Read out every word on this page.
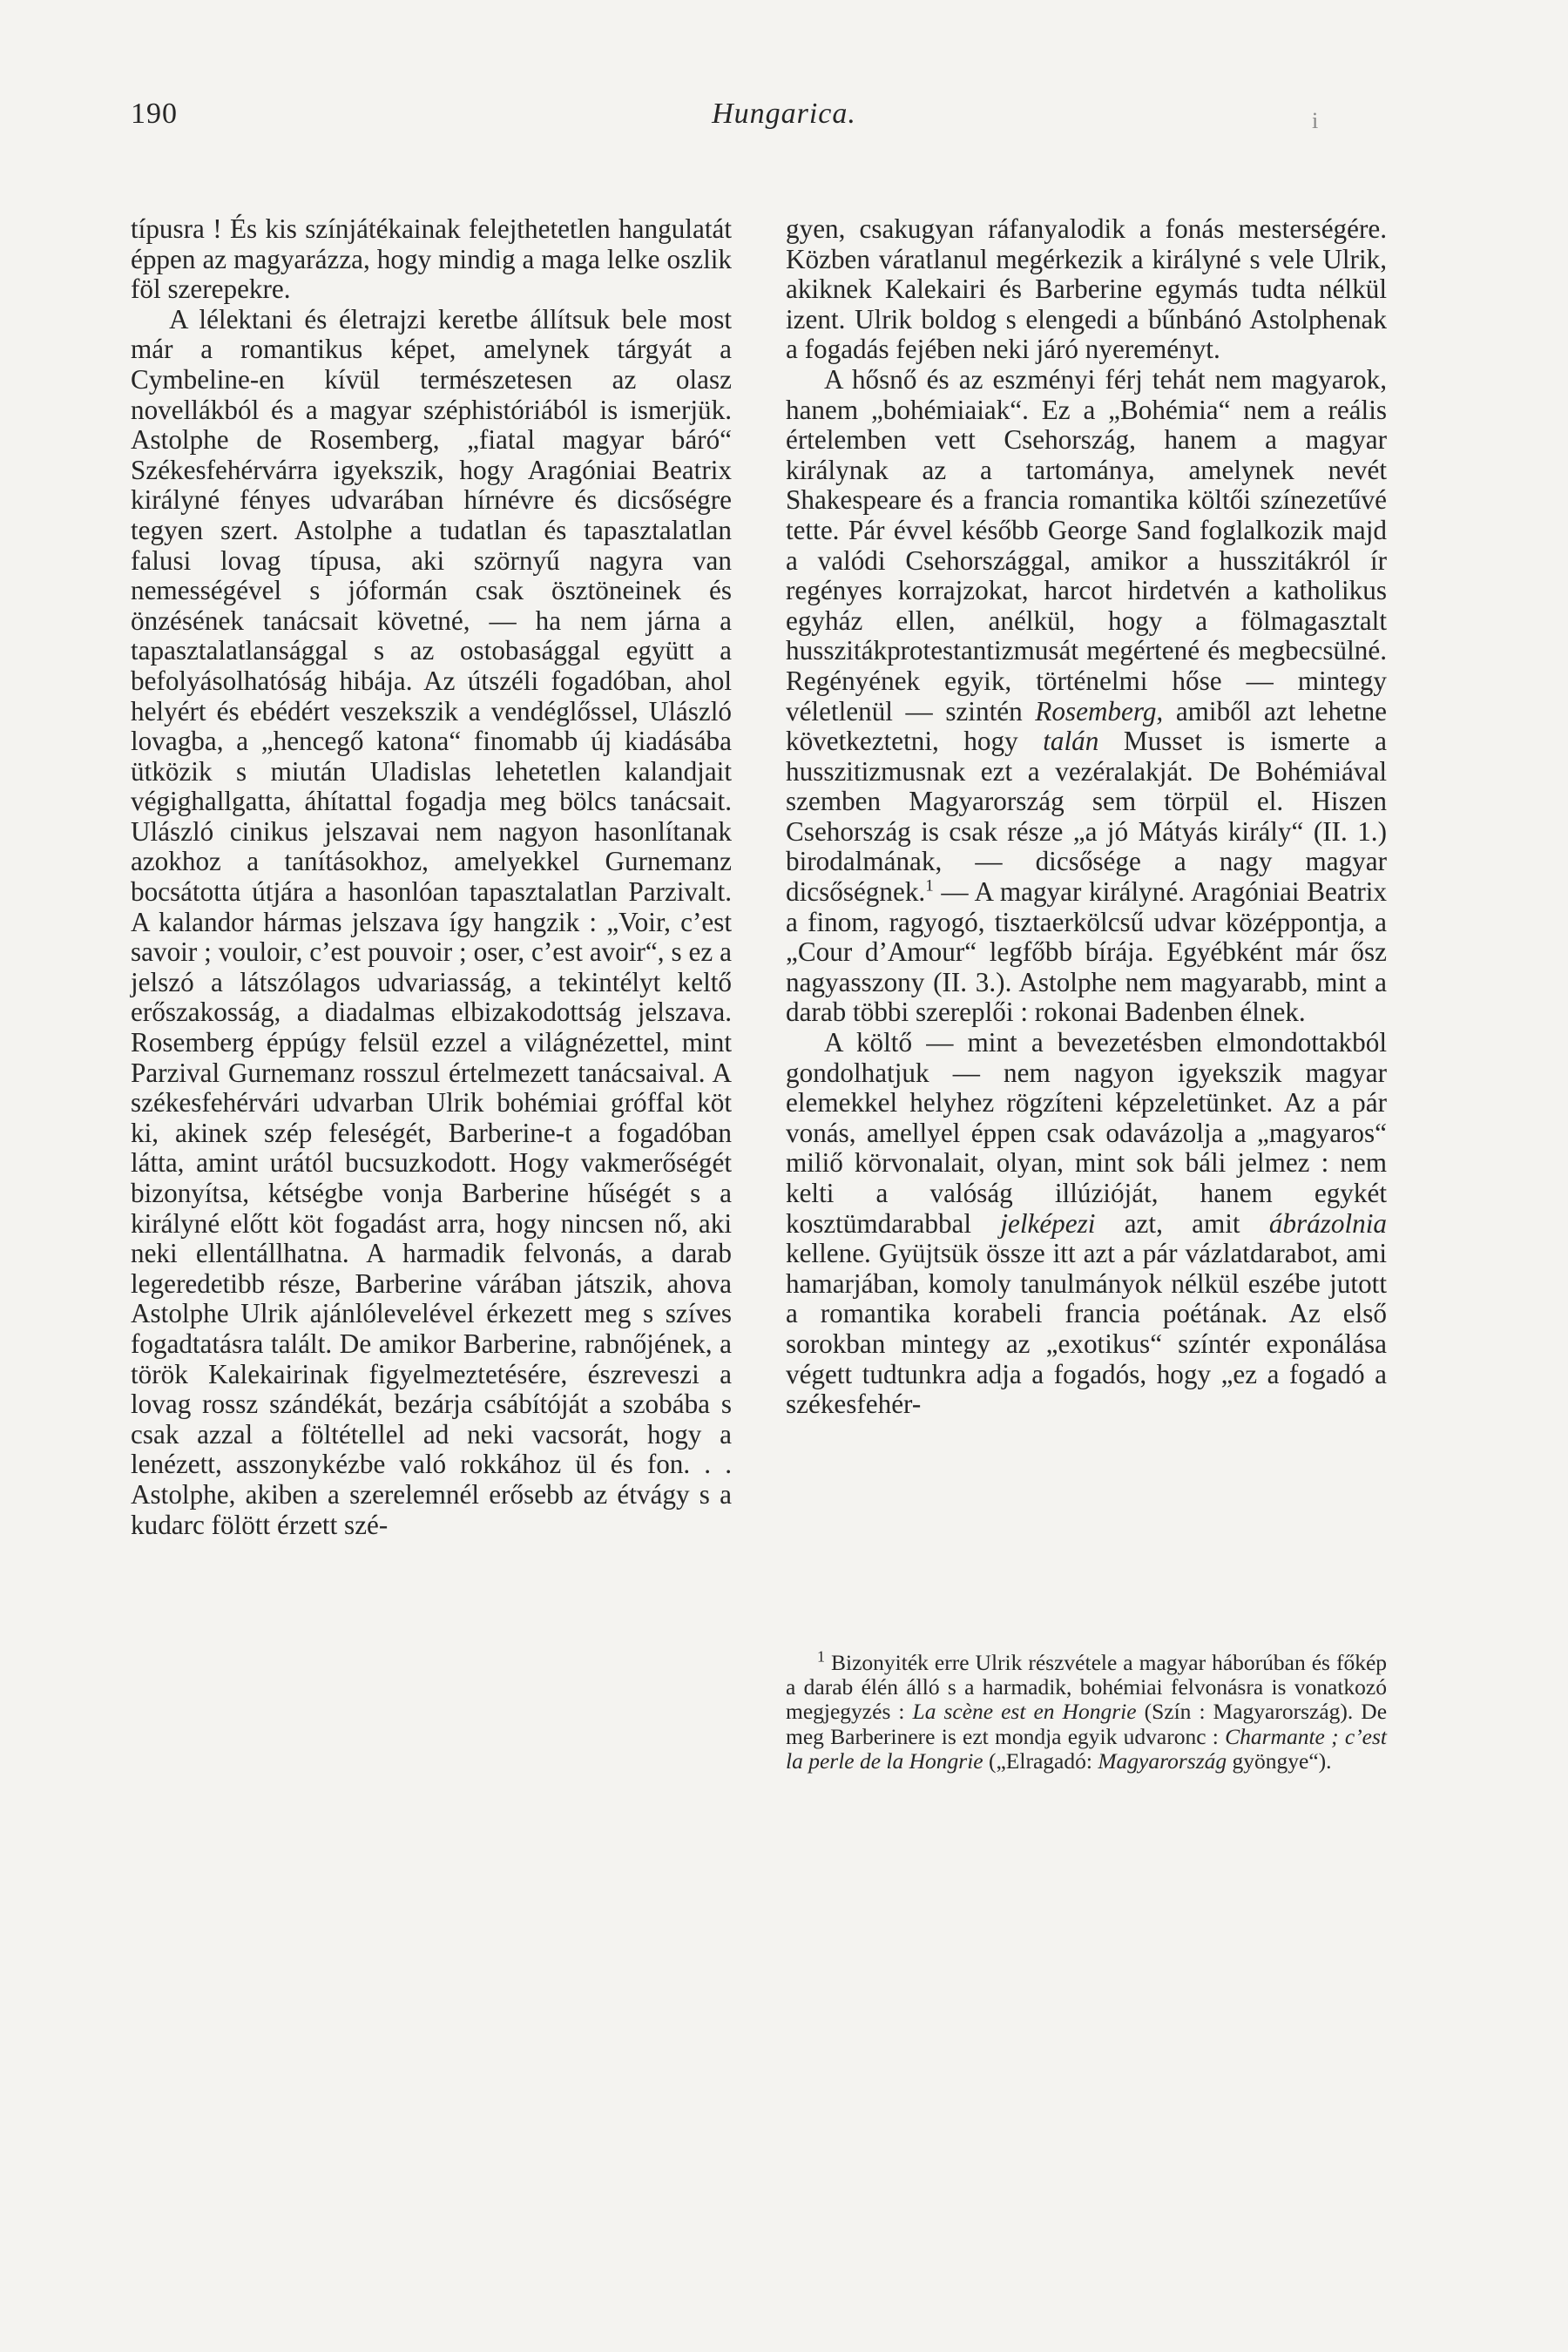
190	Hungarica.	i

típusra ! És kis színjátékainak felejthetetlen hangulatát éppen az magyarázza, hogy mindig a maga lelke oszlik föl szerepekre.

A lélektani és életrajzi keretbe állítsuk bele most már a romantikus képet, amelynek tárgyát a Cymbeline-en kívül természetesen az olasz novellákból és a magyar széphistóriából is ismerjük. Astolphe de Rosemberg, „fiatal magyar báró“ Székesfehérvárra igyekszik, hogy Aragóniai Beatrix királyné fényes udvarában hírnévre és dicsőségre tegyen szert. Astolphe a tudatlan és tapasztalatlan falusi lovag típusa, aki szörnyű nagyra van nemességével s jóformán csak ösztöneinek és önzésének tanácsait követné, — ha nem járna a tapasztalatlansággal s az ostobasággal együtt a befolyásolhatóság hibája. Az útszéli fogadóban, ahol helyért és ebédért veszekszik a vendéglőssel, Ulászló lovagba, a „hencegő katona“ finomabb új kiadásába ütközik s miután Uladislas lehetetlen kalandjait végighallgatta, áhítattal fogadja meg bölcs tanácsait. Ulászló cinikus jelszavai nem nagyon hasonlítanak azokhoz a tanításokhoz, amelyekkel Gurnemanz bocsátotta útjára a hasonlóan tapasztalatlan Parzivalt. A kalandor hármas jelszava így hangzik : „Voir, c’est savoir ; vouloir, c’est pouvoir ; oser, c’est avoir“, s ez a jelszó a látszólagos udvariasság, a tekintélyt keltő erőszakosság, a diadalmas elbizakodottság jelszava. Rosemberg éppúgy felsül ezzel a világnézettel, mint Parzival Gurnemanz rosszul értelmezett tanácsaival. A székesfehérvári udvarban Ulrik bohémiai gróffal köt ki, akinek szép feleségét, Barberine-t a fogadóban látta, amint urától bucsuzkodott. Hogy vakmerőségét bizonyítsa, kétségbe vonja Barberine hűségét s a királyné előtt köt fogadást arra, hogy nincsen nő, aki neki ellentállhatna. A harmadik felvonás, a darab legeredetibb része, Barberine várában játszik, ahova Astolphe Ulrik ajánlólevelével érkezett meg s szíves fogadtatásra talált. De amikor Barberine, rabnőjének, a török Kalekairinak figyelmeztetésére, észreveszi a lovag rossz szándékát, bezárja csábítóját a szobába s csak azzal a föltétellel ad neki vacsorát, hogy a lenézett, asszonykézbe való rokkához ül és fon. . . Astolphe, akiben a szerelemnél erősebb az étvágy s a kudarc fölött érzett szé-

gyen, csakugyan ráfanyalodik a fonás mesterségére. Közben váratlanul megérkezik a királyné s vele Ulrik, akiknek Kalekairi és Barberine egymás tudta nélkül izent. Ulrik boldog s elengedi a bűnbánó Astolphenak a fogadás fejében neki járó nyereményt.

A hősnő és az eszményi férj tehát nem magyarok, hanem „bohémiaiak“. Ez a „Bohémia“ nem a reális értelemben vett Csehország, hanem a magyar királynak az a tartománya, amelynek nevét Shakespeare és a francia romantika költői színezetűvé tette. Pár évvel később George Sand foglalkozik majd a valódi Csehországgal, amikor a husszitákról ír regényes korrajzokat, harcot hirdetvén a katholikus egyház ellen, anélkül, hogy a fölmagasztalt husszitákprotestantizmusát megértené és megbecsülné. Regényének egyik, történelmi hőse — mintegy véletlenül — szintén Rosemberg, amiből azt lehetne következtetni, hogy talán Musset is ismerte a husszitizmusnak ezt a vezéralakját. De Bohémiával szemben Magyarország sem törpül el. Hiszen Csehország is csak része „a jó Mátyás király“ (II. 1.) birodalmának, — dicsősége a nagy magyar dicsőségnek.$^1$ — A magyar királyné. Aragóniai Beatrix a finom, ragyogó, tisztaerkölcsű udvar középpontja, a „Cour d’Amour“ legfőbb bírája. Egyébként már ősz nagyasszony (II. 3.). Astolphe nem magyarabb, mint a darab többi szereplői : rokonai Badenben élnek.

A költő — mint a bevezetésben elmondottakból gondolhatjuk — nem nagyon igyekszik magyar elemekkel helyhez rögzíteni képzeletünket. Az a pár vonás, amellyel éppen csak odavázolja a „magyaros“ miliő körvonalait, olyan, mint sok báli jelmez : nem kelti a valóság illúzióját, hanem egykét kosztümdarabbal jelképezi azt, amit ábrázolnia kellene. Gyüjtsük össze itt azt a pár vázlatdarabot, ami hamarjában, komoly tanulmányok nélkül eszébe jutott a romantika korabeli francia poétának. Az első sorokban mintegy az „exotikus“ színtér exponálása végett tudtunkra adja a fogadós, hogy „ez a fogadó a székesfehér-

$^1$ Bizonyiték erre Ulrik részvétele a magyar háborúban és főkép a darab élén álló s a harmadik, bohémiai felvonásra is vonatkozó megjegyzés : La scène est en Hongrie (Szín : Magyarország). De meg Barberinere is ezt mondja egyik udvaronc : Charmante ; c’est la perle de la Hongrie („Elragadó: Magyarország gyöngye“).
